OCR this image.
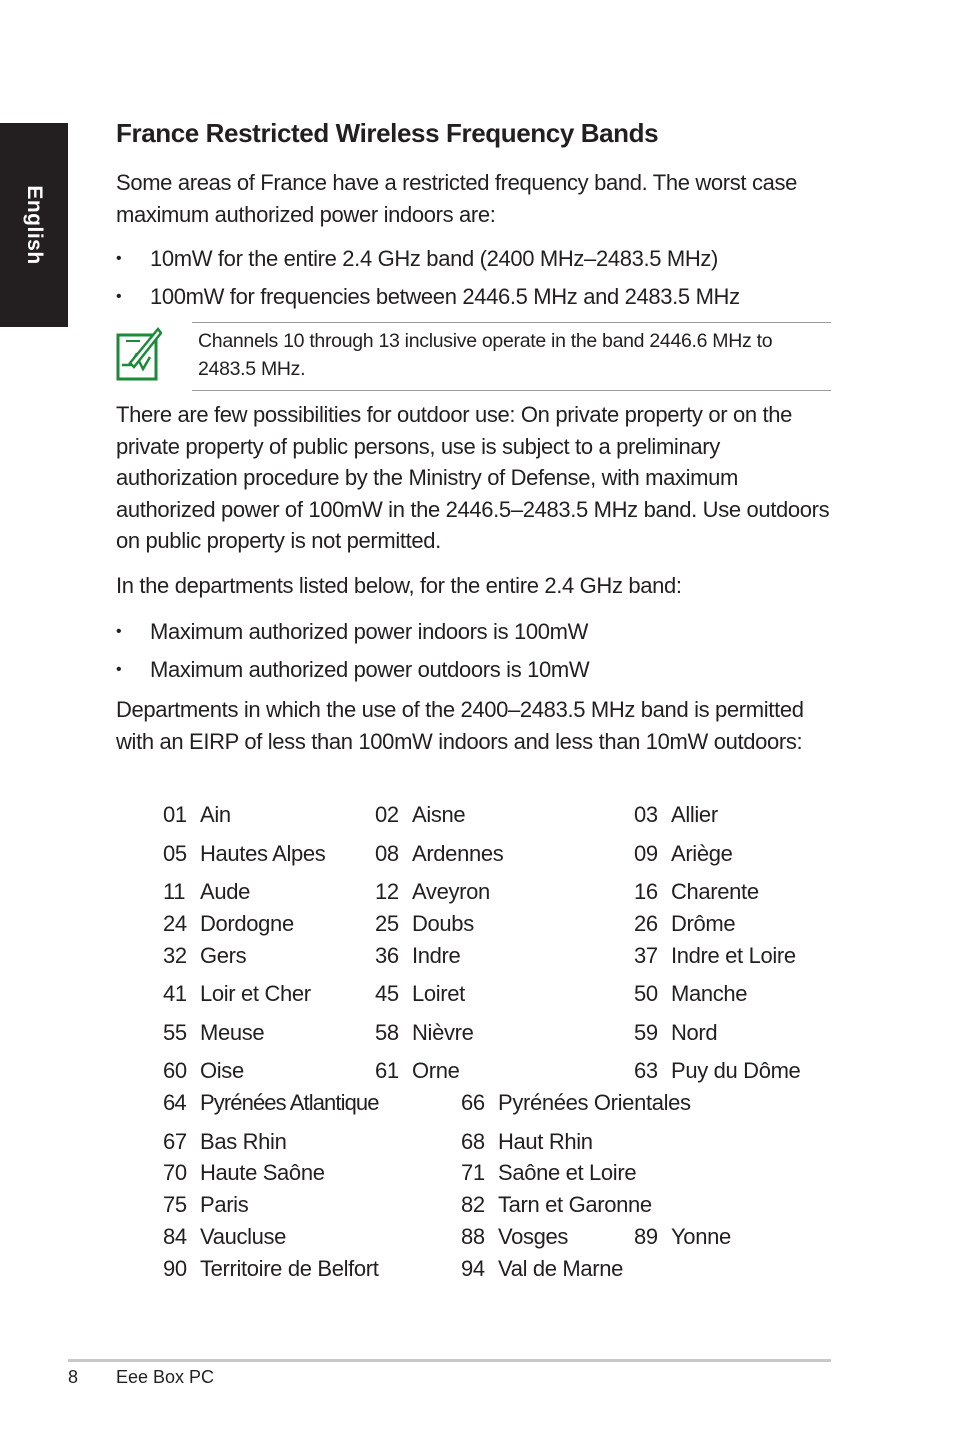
English
France Restricted Wireless Frequency Bands

Some areas of France have a restricted frequency band. The worst case maximum authorized power indoors are:

• 10mW for the entire 2.4 GHz band (2400 MHz–2483.5 MHz)
• 100mW for frequencies between 2446.5 MHz and 2483.5 MHz

Channels 10 through 13 inclusive operate in the band 2446.6 MHz to 2483.5 MHz.

There are few possibilities for outdoor use: On private property or on the private property of public persons, use is subject to a preliminary authorization procedure by the Ministry of Defense, with maximum authorized power of 100mW in the 2446.5–2483.5 MHz band. Use outdoors on public property is not permitted.

In the departments listed below, for the entire 2.4 GHz band:

• Maximum authorized power indoors is 100mW
• Maximum authorized power outdoors is 10mW

Departments in which the use of the 2400–2483.5 MHz band is permitted with an EIRP of less than 100mW indoors and less than 10mW outdoors:

01 Ain	02 Aisne	03 Allier
05 Hautes Alpes 08 Ardennes	09 Ariège
11 Aude	12 Aveyron	16 Charente
24 Dordogne	25 Doubs	26 Drôme
32 Gers	36 Indre	37 Indre et Loire
41 Loir et Cher	45 Loiret	50 Manche
55 Meuse	58 Nièvre	59 Nord
60 Oise	61 Orne	63 Puy du Dôme
64 Pyrénées Atlantique	66 Pyrénées Orientales
67 Bas Rhin	68 Haut Rhin
70 Haute Saône	71 Saône et Loire
75 Paris	82 Tarn et Garonne
84 Vaucluse	88 Vosges	89 Yonne
90 Territoire de Belfort	94 Val de Marne
8 Eee Box PC
